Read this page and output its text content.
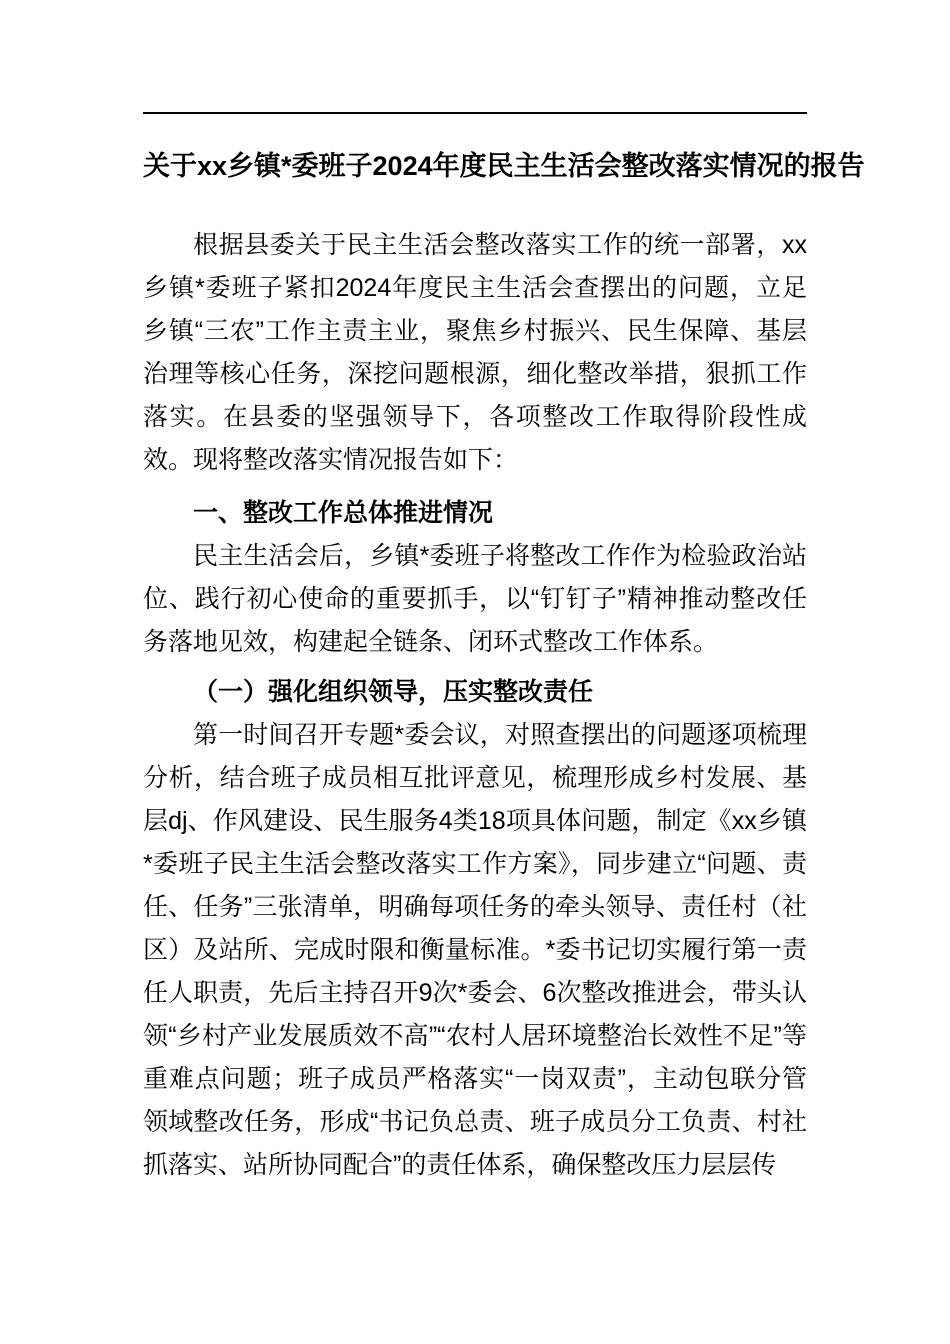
关于xx乡镇*委班子2024年度民主生活会整改落实情况的报告

根据县委关于民主生活会整改落实工作的统一部署，xx乡镇*委班子紧扣2024年度民主生活会查摆出的问题，立足乡镇“三农”工作主责主业，聚焦乡村振兴、民生保障、基层治理等核心任务，深挖问题根源，细化整改举措，狠抓工作落实。在县委的坚强领导下，各项整改工作取得阶段性成效。现将整改落实情况报告如下：

一、整改工作总体推进情况

民主生活会后，乡镇*委班子将整改工作作为检验政治站位、践行初心使命的重要抓手，以“钉钉子”精神推动整改任务落地见效，构建起全链条、闭环式整改工作体系。

（一）强化组织领导，压实整改责任

第一时间召开专题*委会议，对照查摆出的问题逐项梳理分析，结合班子成员相互批评意见，梳理形成乡村发展、基层dj、作风建设、民生服务4类18项具体问题，制定《xx乡镇*委班子民主生活会整改落实工作方案》，同步建立“问题、责任、任务”三张清单，明确每项任务的牵头领导、责任村（社区）及站所、完成时限和衡量标准。*委书记切实履行第一责任人职责，先后主持召开9次*委会、6次整改推进会，带头认领“乡村产业发展质效不高”“农村人居环境整治长效性不足”等重难点问题；班子成员严格落实“一岗双责”，主动包联分管领域整改任务，形成“书记负总责、班子成员分工负责、村社抓落实、站所协同配合”的责任体系，确保整改压力层层传
